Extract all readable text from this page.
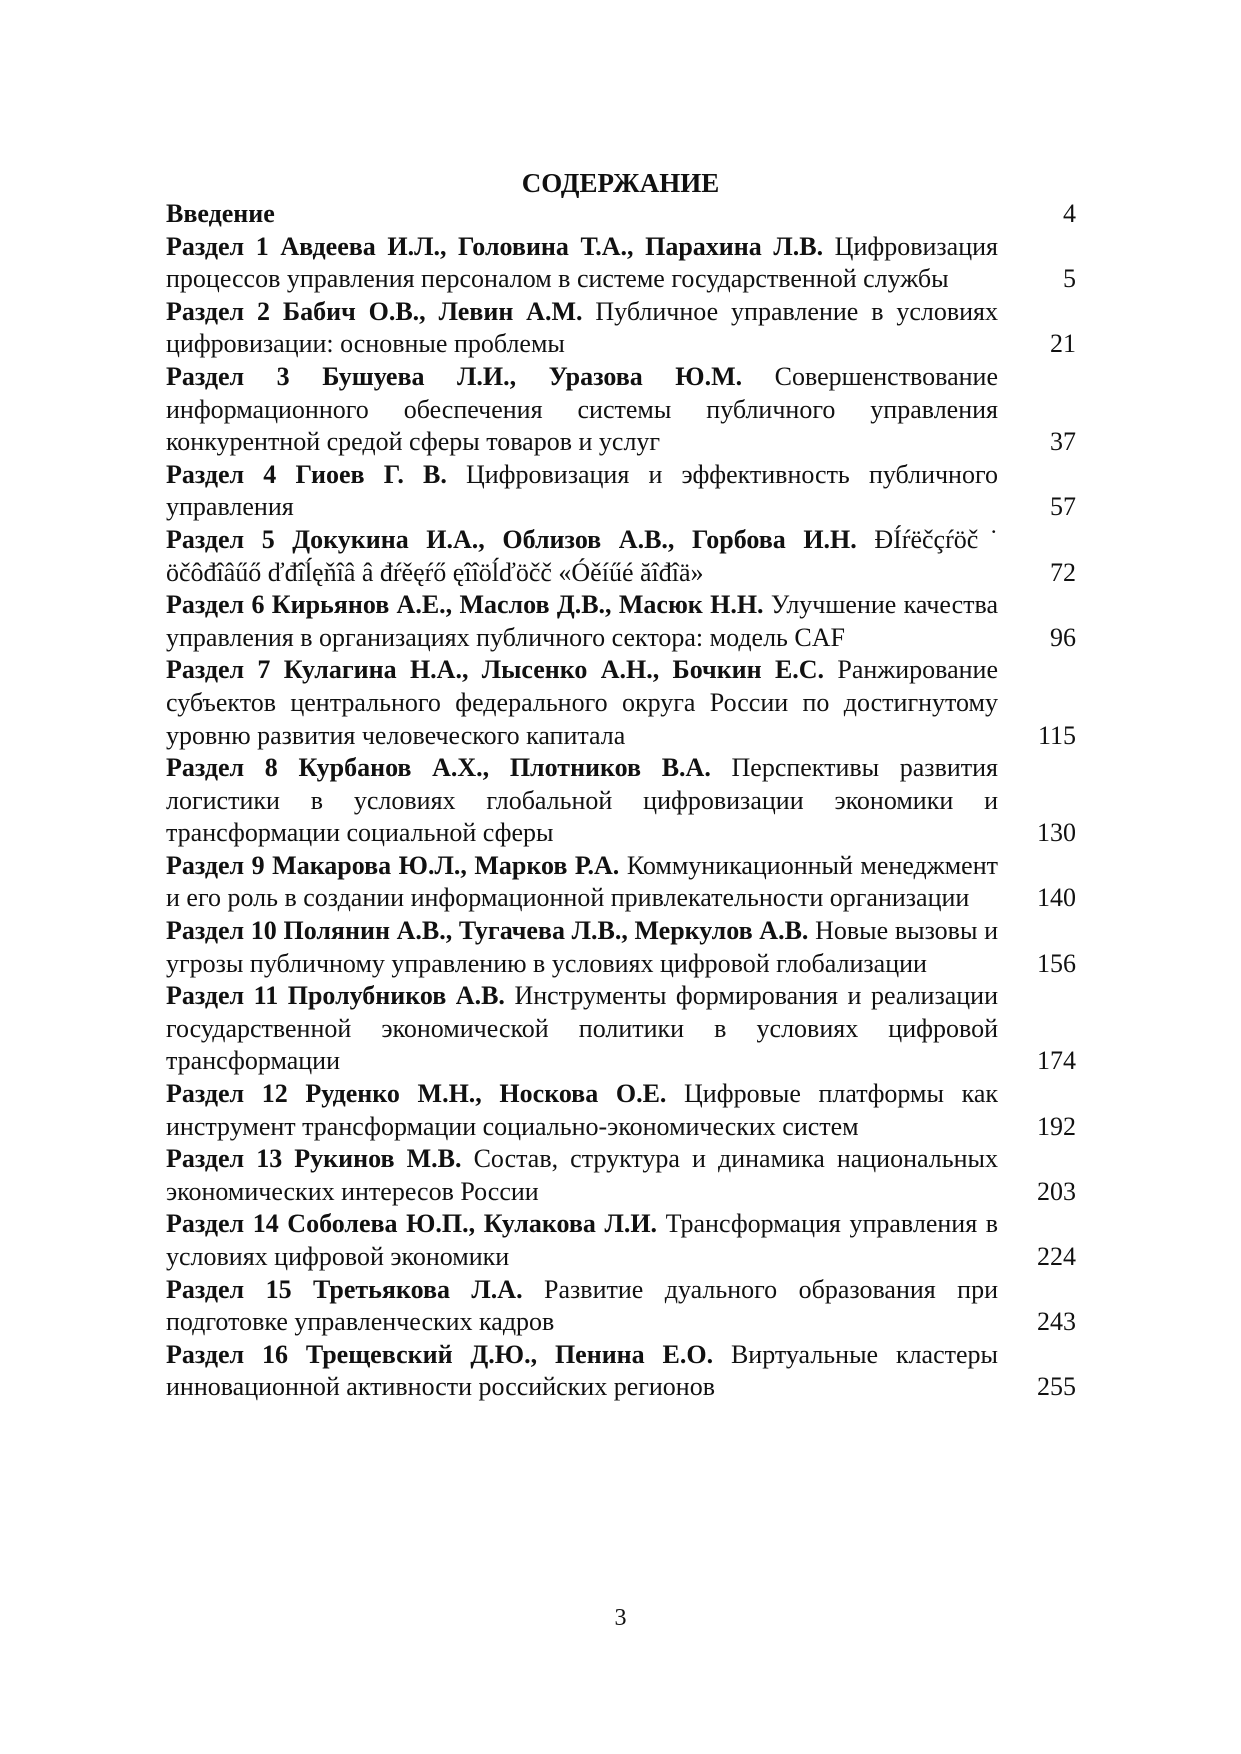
СОДЕРЖАНИЕ
Введение	4
Раздел 1 Авдеева И.Л., Головина Т.А., Парахина Л.В. Цифровизация процессов управления персоналом в системе государственной службы	5
Раздел 2 Бабич О.В., Левин А.М. Публичное управление в условиях цифровизации: основные проблемы	21
Раздел 3 Бушуева Л.И., Уразова Ю.М. Совершенствование информационного обеспечения системы публичного управления конкурентной средой сферы товаров и услуг	37
Раздел 4 Гиоев Г. В. Цифровизация и эффективность публичного управления	57
Раздел 5 Докукина И.А., Облизов А.В., Горбова И.Н. ĐÍŕëčçŕöč˙ öčôđîâűő ďđîĺęňîâ â đŕěęŕő ęîîöĺďöčč «Óěíűé ăîđîä»	72
Раздел 6 Кирьянов А.Е., Маслов Д.В., Масюк Н.Н. Улучшение качества управления в организациях публичного сектора: модель CAF	96
Раздел 7 Кулагина Н.А., Лысенко А.Н., Бочкин Е.С. Ранжирование субъектов центрального федерального округа России по достигнутому уровню развития человеческого капитала	115
Раздел 8 Курбанов А.Х., Плотников В.А. Перспективы развития логистики в условиях глобальной цифровизации экономики и трансформации социальной сферы	130
Раздел 9 Макарова Ю.Л., Марков Р.А. Коммуникационный менеджмент и его роль в создании информационной привлекательности организации	140
Раздел 10 Полянин А.В., Тугачева Л.В., Меркулов А.В. Новые вызовы и угрозы публичному управлению в условиях цифровой глобализации	156
Раздел 11 Пролубников А.В. Инструменты формирования и реализации государственной экономической политики в условиях цифровой трансформации	174
Раздел 12 Руденко М.Н., Носкова О.Е. Цифровые платформы как инструмент трансформации социально-экономических систем	192
Раздел 13 Рукинов М.В. Состав, структура и динамика национальных экономических интересов России	203
Раздел 14 Соболева Ю.П., Кулакова Л.И. Трансформация управления в условиях цифровой экономики	224
Раздел 15 Третьякова Л.А. Развитие дуального образования при подготовке управленческих кадров	243
Раздел 16 Трещевский Д.Ю., Пенина Е.О. Виртуальные кластеры инновационной активности российских регионов	255
3
